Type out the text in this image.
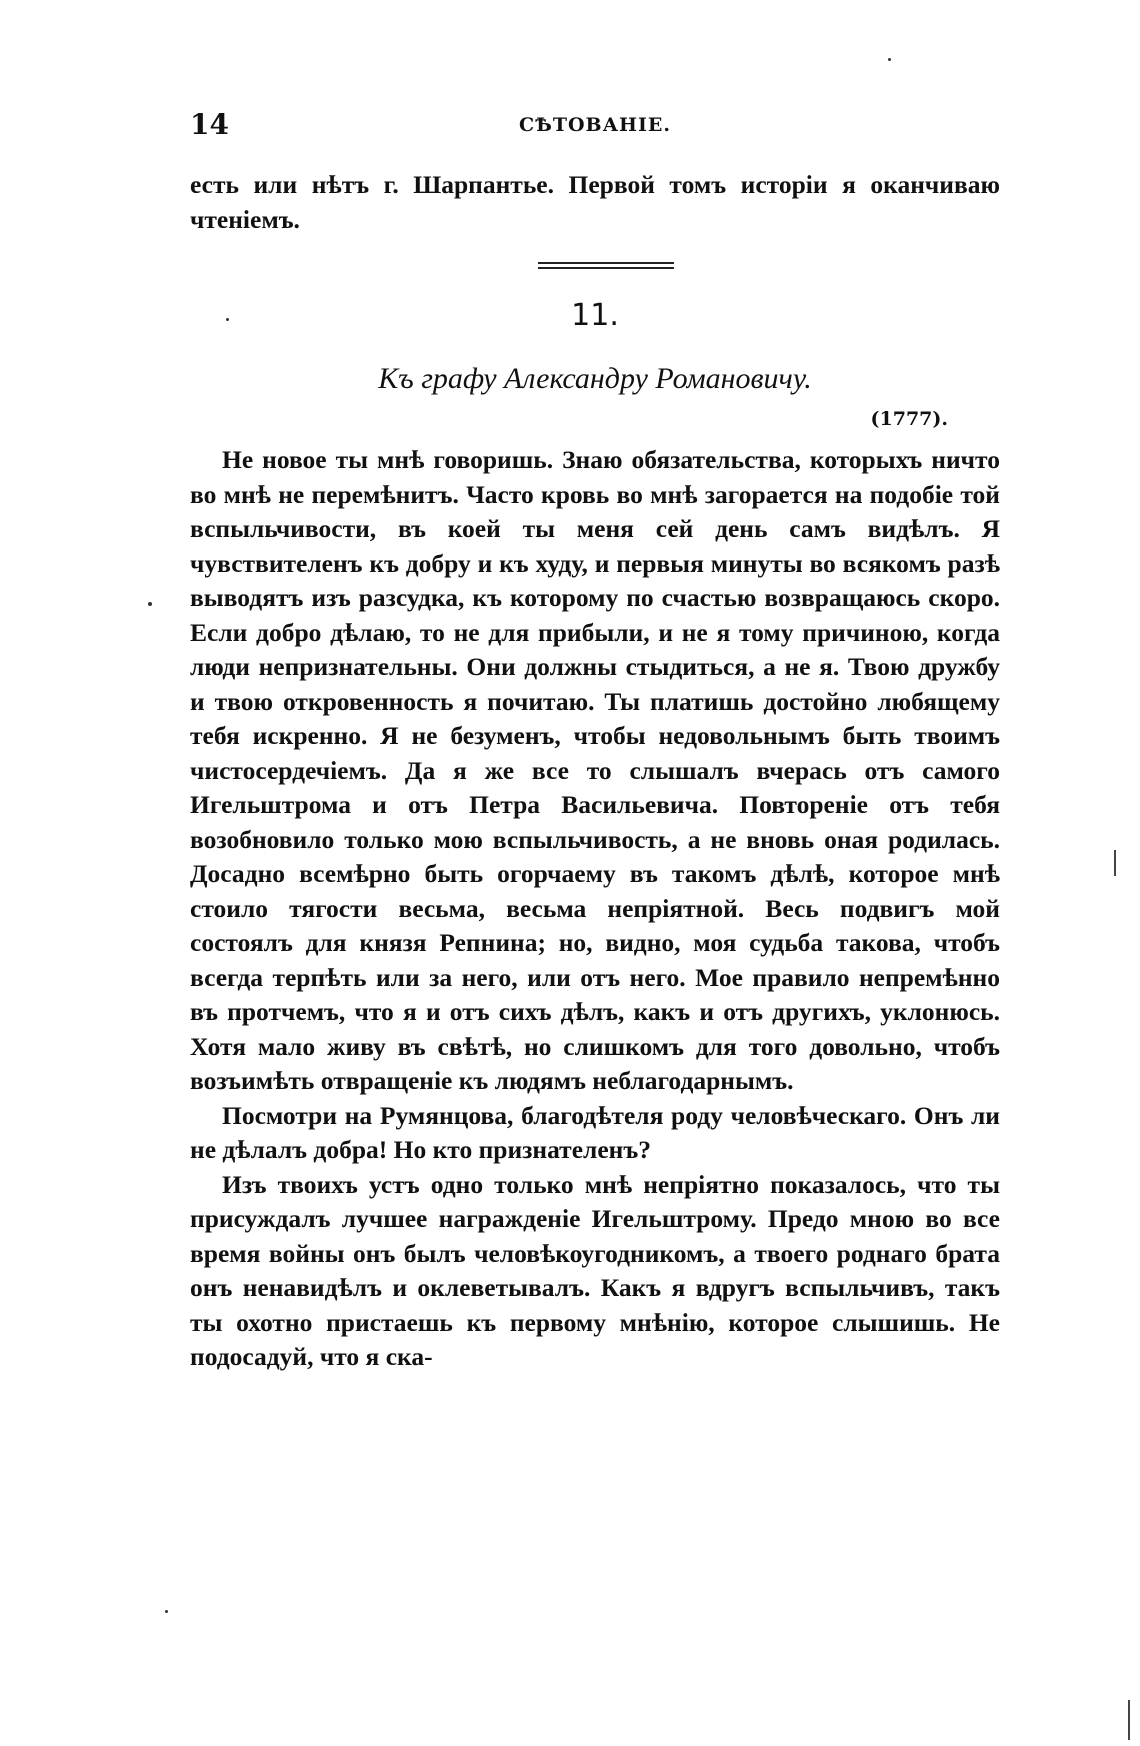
14	СѢТОВАНІЕ.
есть или нѣтъ г. Шарпантье. Первой томъ исторіи я оканчиваю чтеніемъ.
11.
Къ графу Александру Романовичу.
(1777).

Не новое ты мнѣ говоришь. Знаю обязательства, которыхъ ничто во мнѣ не перемѣнитъ. Часто кровь во мнѣ загорается на подобіе той вспыльчивости, въ коей ты меня сей день самъ видѣлъ. Я чувствителенъ къ добру и къ худу, и первыя минуты во всякомъ разѣ выводятъ изъ разсудка, къ которому по счастью возвращаюсь скоро. Если добро дѣлаю, то не для прибыли, и не я тому причиною, когда люди непризнательны. Они должны стыдиться, а не я. Твою дружбу и твою откровенность я почитаю. Ты платишь достойно любящему тебя искренно. Я не безуменъ, чтобы недовольнымъ быть твоимъ чистосердечіемъ. Да я же все то слышалъ вчерась отъ самого Игельштрома и отъ Петра Васильевича. Повтореніе отъ тебя возобновило только мою вспыльчивость, а не вновь оная родилась. Досадно всемѣрно быть огорчаему въ такомъ дѣлѣ, которое мнѣ стоило тягости весьма, весьма непріятной. Весь подвигъ мой состоялъ для князя Репнина; но, видно, моя судьба такова, чтобъ всегда терпѣть или за него, или отъ него. Мое правило непремѣнно въ протчемъ, что я и отъ сихъ дѣлъ, какъ и отъ другихъ, уклонюсь. Хотя мало живу въ свѣтѣ, но слишкомъ для того довольно, чтобъ возъимѣть отвращеніе къ людямъ неблагодарнымъ.

Посмотри на Румянцова, благодѣтеля роду человѣческаго. Онъ ли не дѣлалъ добра! Но кто признателенъ?

Изъ твоихъ устъ одно только мнѣ непріятно показалось, что ты присуждалъ лучшее награжденіе Игельштрому. Предо мною во все время войны онъ былъ человѣкоугодникомъ, а твоего роднаго брата онъ ненавидѣлъ и оклеветывалъ. Какъ я вдругъ вспыльчивъ, такъ ты охотно пристаешь къ первому мнѣнію, которое слышишь. Не подосадуй, что я ска-
